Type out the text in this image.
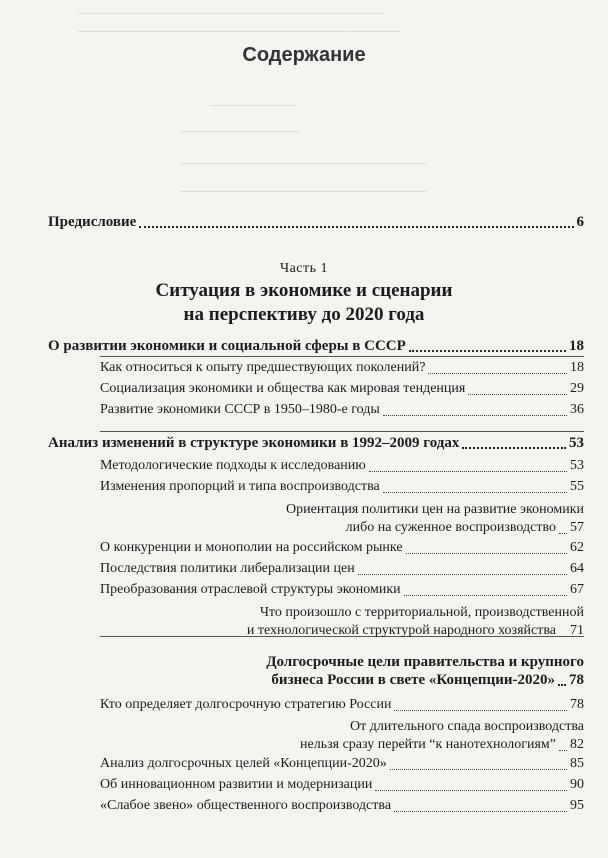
────────────────────────────────────
──────────────────────────────────────
──────────
──────────────
─────────────────────────────
─────────────────────────────
Содержание
Предисловие	6
Часть 1
Ситуация в экономике и сценарии
на перспективу до 2020 года
О развитии экономики и социальной сферы в СССР	18
Как относиться к опыту предшествующих поколений?	18
Социализация экономики и общества как мировая тенденция	29
Развитие экономики СССР в 1950–1980-е годы	36
Анализ изменений в структуре экономики в 1992–2009 годах	53
Методологические подходы к исследованию	53
Изменения пропорций и типа воспроизводства	55
Ориентация политики цен на развитие экономики
либо на суженное воспроизводство 57
О конкуренции и монополии на российском рынке	62
Последствия политики либерализации цен	64
Преобразования отраслевой структуры экономики	67
Что произошло с территориальной, производственной
и технологической структурой народного хозяйства 71
Долгосрочные цели правительства и крупного
бизнеса России в свете «Концепции-2020» 78
Кто определяет долгосрочную стратегию России	78
От длительного спада воспроизводства
нельзя сразу перейти “к нанотехнологиям” 82
Анализ долгосрочных целей «Концепции-2020»	85
Об инновационном развитии и модернизации	90
«Слабое звено» общественного воспроизводства	95
